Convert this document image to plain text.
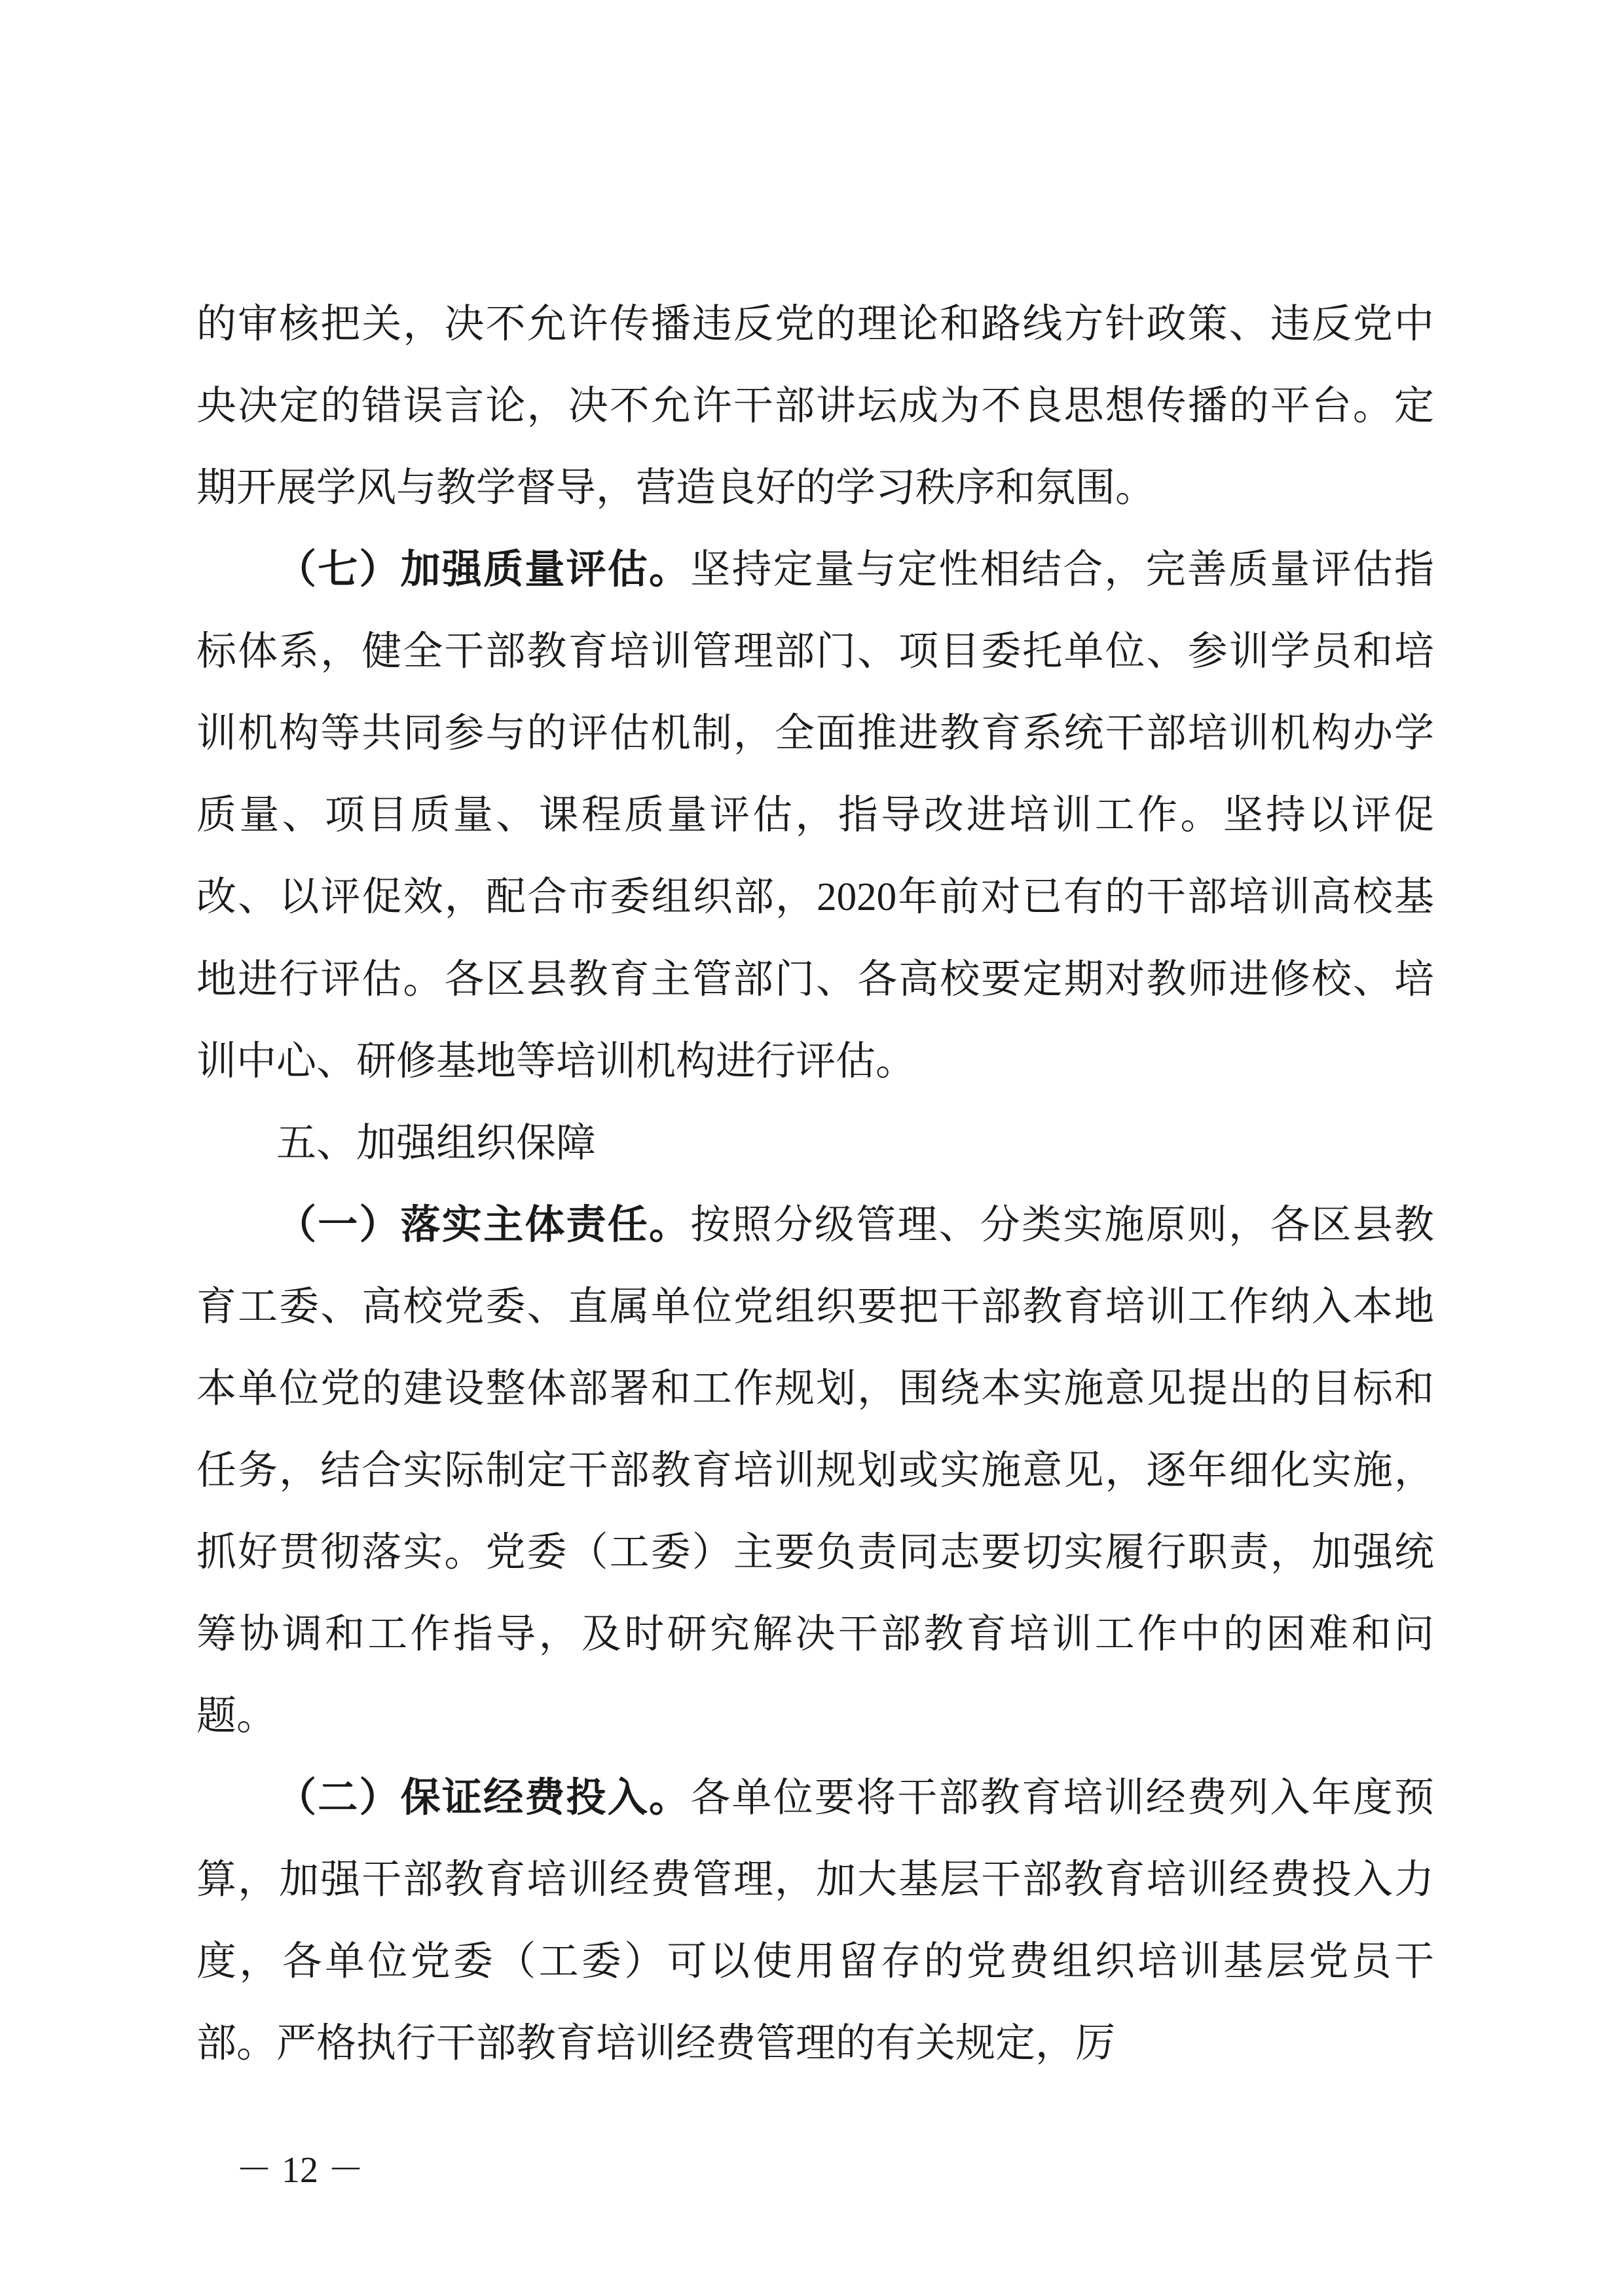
的审核把关，决不允许传播违反党的理论和路线方针政策、违反党中央决定的错误言论，决不允许干部讲坛成为不良思想传播的平台。定期开展学风与教学督导，营造良好的学习秩序和氛围。

（七）加强质量评估。坚持定量与定性相结合，完善质量评估指标体系，健全干部教育培训管理部门、项目委托单位、参训学员和培训机构等共同参与的评估机制，全面推进教育系统干部培训机构办学质量、项目质量、课程质量评估，指导改进培训工作。坚持以评促改、以评促效，配合市委组织部，2020年前对已有的干部培训高校基地进行评估。各区县教育主管部门、各高校要定期对教师进修校、培训中心、研修基地等培训机构进行评估。

五、加强组织保障

（一）落实主体责任。按照分级管理、分类实施原则，各区县教育工委、高校党委、直属单位党组织要把干部教育培训工作纳入本地本单位党的建设整体部署和工作规划，围绕本实施意见提出的目标和任务，结合实际制定干部教育培训规划或实施意见，逐年细化实施，抓好贯彻落实。党委（工委）主要负责同志要切实履行职责，加强统筹协调和工作指导，及时研究解决干部教育培训工作中的困难和问题。

（二）保证经费投入。各单位要将干部教育培训经费列入年度预算，加强干部教育培训经费管理，加大基层干部教育培训经费投入力度，各单位党委（工委）可以使用留存的党费组织培训基层党员干部。严格执行干部教育培训经费管理的有关规定，厉

－ 12 －
